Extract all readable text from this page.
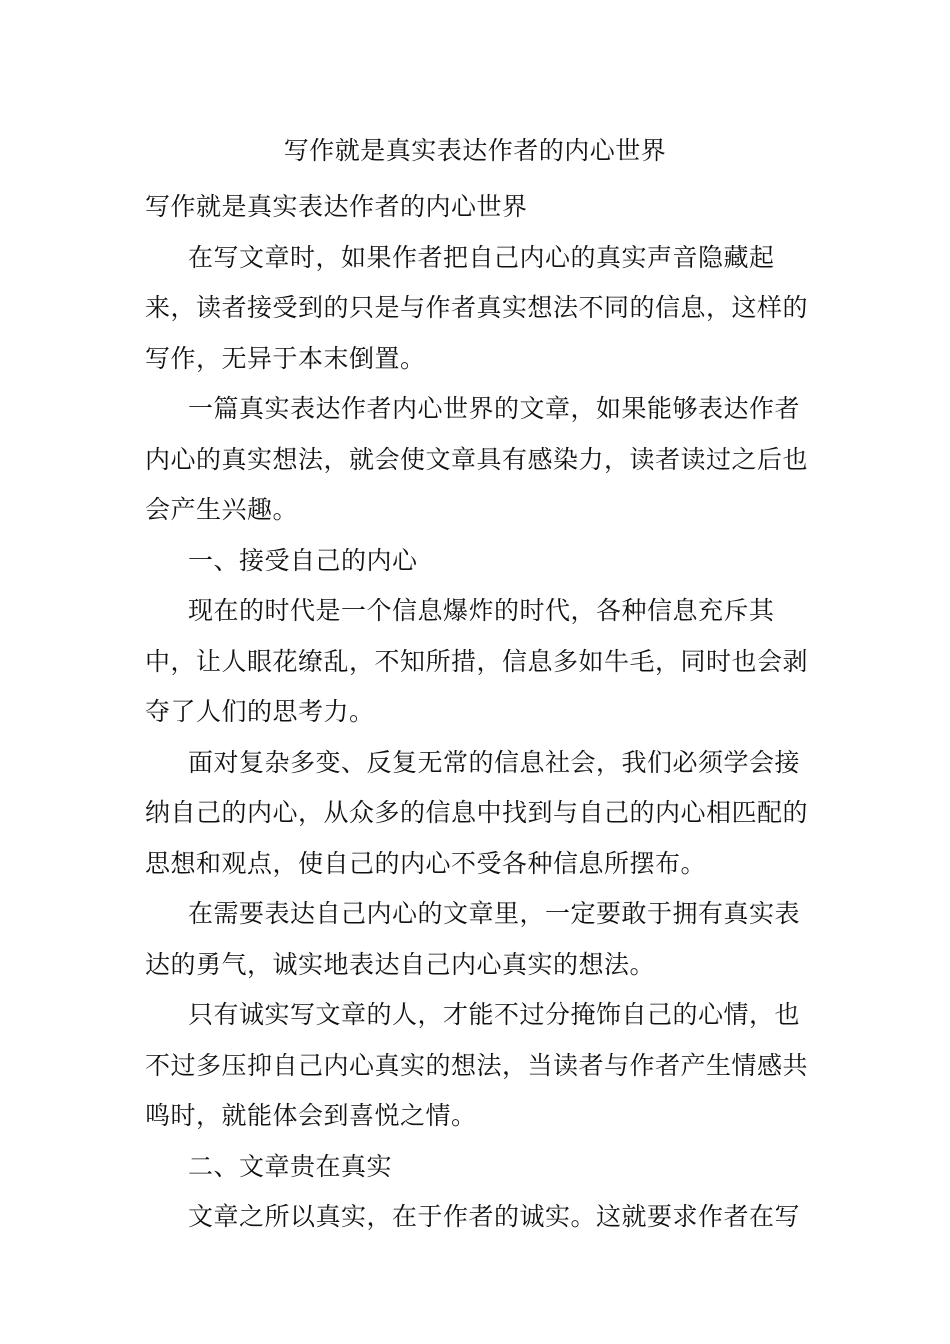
写作就是真实表达作者的内心世界

写作就是真实表达作者的内心世界

在写文章时，如果作者把自己内心的真实声音隐藏起来，读者接受到的只是与作者真实想法不同的信息，这样的写作，无异于本末倒置。

一篇真实表达作者内心世界的文章，如果能够表达作者内心的真实想法，就会使文章具有感染力，读者读过之后也会产生兴趣。

一、接受自己的内心

现在的时代是一个信息爆炸的时代，各种信息充斥其中，让人眼花缭乱，不知所措，信息多如牛毛，同时也会剥夺了人们的思考力。

面对复杂多变、反复无常的信息社会，我们必须学会接纳自己的内心，从众多的信息中找到与自己的内心相匹配的思想和观点，使自己的内心不受各种信息所摆布。

在需要表达自己内心的文章里，一定要敢于拥有真实表达的勇气，诚实地表达自己内心真实的想法。

只有诚实写文章的人，才能不过分掩饰自己的心情，也不过多压抑自己内心真实的想法，当读者与作者产生情感共鸣时，就能体会到喜悦之情。

二、文章贵在真实

文章之所以真实，在于作者的诚实。这就要求作者在写
